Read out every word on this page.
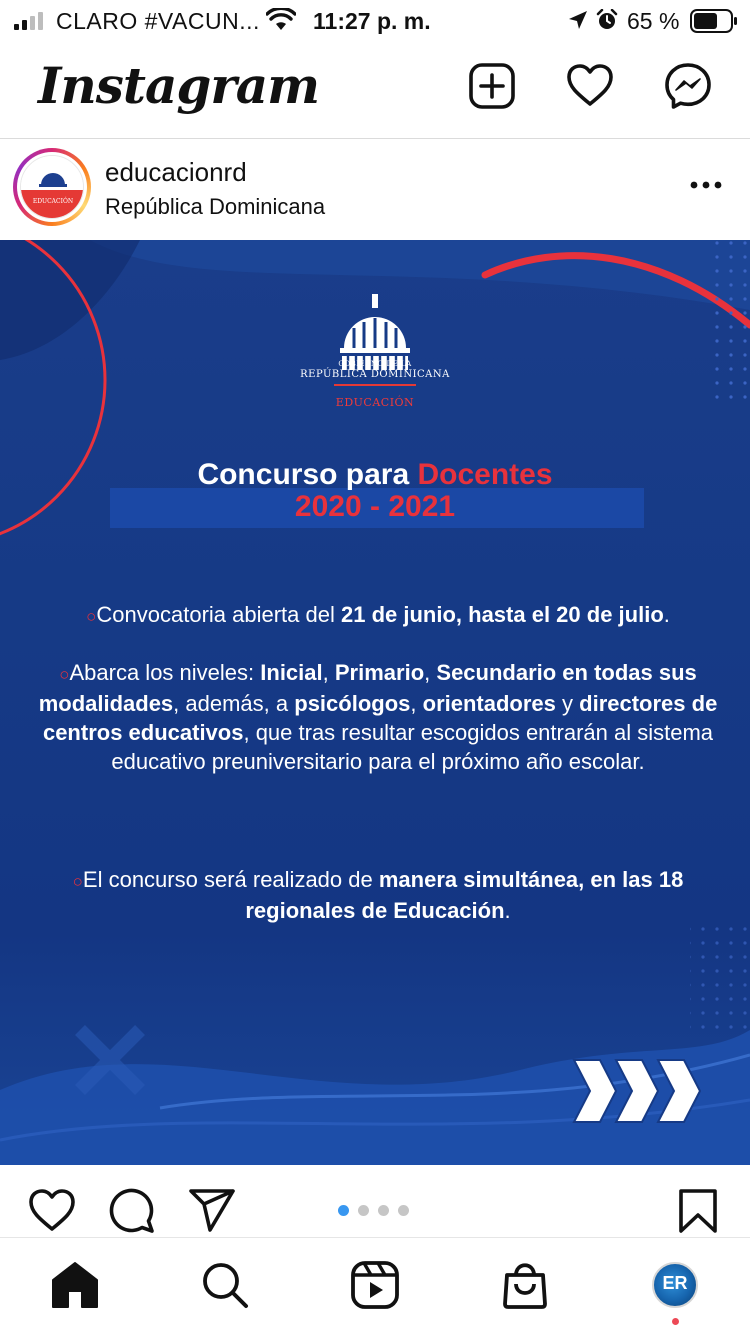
CLARO #VACUN... 11:27 p. m.	65 %
Instagram
EDUCACIÓN
educacionrd
República Dominicana
GOBIERNO DE LA
REPÚBLICA DOMINICANA
EDUCACIÓN
Concurso para Docentes
2020 - 2021
○Convocatoria abierta del 21 de junio, hasta el 20 de julio.
○Abarca los niveles: Inicial, Primario, Secundario en todas sus modalidades, además, a psicólogos, orientadores y directores de centros educativos, que tras resultar escogidos entrarán al sistema educativo preuniversitario para el próximo año escolar.
○El concurso será realizado de manera simultánea, en las 18 regionales de Educación.
ER
